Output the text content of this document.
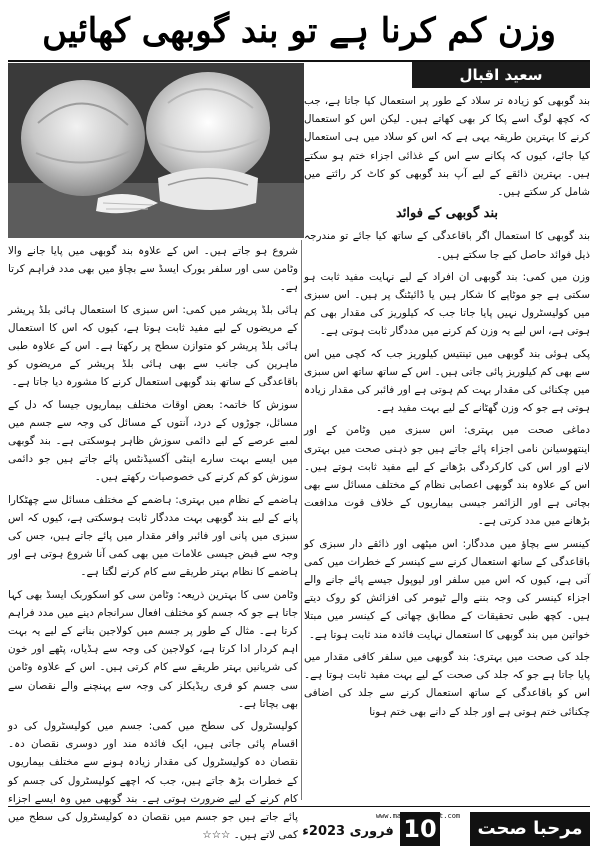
وزن کم کرنا ہے تو بند گوبھی کھائیں
سعید اقبال

بند گوبھی کو زیادہ تر سلاد کے طور پر استعمال کیا جاتا ہے، جب کہ کچھ لوگ اسے پکا کر بھی کھاتے ہیں۔ لیکن اس کو استعمال کرنے کا بہترین طریقہ یہی ہے کہ اس کو سلاد میں ہی استعمال کیا جائے، کیوں کہ پکانے سے اس کے غذائی اجزاء ختم ہو سکتے ہیں۔ بہترین ذائقے کے لیے آپ بند گوبھی کو کاٹ کر رائتے میں شامل کر سکتے ہیں۔

بند گوبھی کے فوائد

بند گوبھی کا استعمال اگر باقاعدگی کے ساتھ کیا جائے تو مندرجہ ذیل فوائد حاصل کیے جا سکتے ہیں۔

وزن میں کمی: بند گوبھی ان افراد کے لیے نہایت مفید ثابت ہو سکتی ہے جو موٹاپے کا شکار ہیں یا ڈائیٹنگ پر ہیں۔ اس سبزی میں کولیسٹرول نہیں پایا جاتا جب کہ کیلوریز کی مقدار بھی کم ہوتی ہے، اس لیے یہ وزن کم کرنے میں مددگار ثابت ہوتی ہے۔

پکی ہوئی بند گوبھی میں تینتیس کیلوریز جب کہ کچی میں اس سے بھی کم کیلوریز پائی جاتی ہیں۔ اس کے ساتھ ساتھ اس سبزی میں چکنائی کی مقدار بہت کم ہوتی ہے اور فائبر کی مقدار زیادہ ہوتی ہے جو کہ وزن گھٹانے کے لیے بہت مفید ہے۔

دماغی صحت میں بہتری: اس سبزی میں وٹامن کے اور اینتھوسیانن نامی اجزاء پائے جاتے ہیں جو ذہنی صحت میں بہتری لانے اور اس کی کارکردگی بڑھانے کے لیے مفید ثابت ہوتے ہیں۔ اس کے علاوہ بند گوبھی اعصابی نظام کے مختلف مسائل سے بھی بچاتی ہے اور الزائمر جیسی بیماریوں کے خلاف قوت مدافعت بڑھانے میں مدد کرتی ہے۔

کینسر سے بچاؤ میں مددگار: اس میٹھی اور ذائقے دار سبزی کو باقاعدگی کے ساتھ استعمال کرنے سے کینسر کے خطرات میں کمی آتی ہے، کیوں کہ اس میں سلفر اور لیوپول جیسے پائے جانے والے اجزاء کینسر کی وجہ بننے والے ٹیومر کی افزائش کو روک دیتے ہیں۔ کچھ طبی تحقیقات کے مطابق چھاتی کے کینسر میں مبتلا خواتین میں بند گوبھی کا استعمال نہایت فائدہ مند ثابت ہوتا ہے۔

جلد کی صحت میں بہتری: بند گوبھی میں سلفر کافی مقدار میں پایا جاتا ہے جو کہ جلد کی صحت کے لیے بہت مفید ثابت ہوتا ہے۔ اس کو باقاعدگی کے ساتھ استعمال کرنے سے جلد کی اضافی چکنائی ختم ہوتی ہے اور جلد کے دانے بھی ختم ہونا

شروع ہو جاتے ہیں۔ اس کے علاوہ بند گوبھی میں پایا جانے والا وٹامن سی اور سلفر یورک ایسڈ سے بچاؤ میں بھی مدد فراہم کرتا ہے۔

ہائی بلڈ پریشر میں کمی: اس سبزی کا استعمال ہائی بلڈ پریشر کے مریضوں کے لیے مفید ثابت ہوتا ہے، کیوں کہ اس کا استعمال ہائی بلڈ پریشر کو متوازن سطح پر رکھتا ہے۔ اس کے علاوہ طبی ماہرین کی جانب سے بھی ہائی بلڈ پریشر کے مریضوں کو باقاعدگی کے ساتھ بند گوبھی استعمال کرنے کا مشورہ دیا جاتا ہے۔

سوزش کا خاتمہ: بعض اوقات مختلف بیماریوں جیسا کہ دل کے مسائل، جوڑوں کے درد، آنتوں کے مسائل کی وجہ سے جسم میں لمبے عرصے کے لیے دائمی سوزش ظاہر ہوسکتی ہے۔ بند گوبھی میں ایسے بہت سارے اینٹی آکسیڈنٹس پائے جاتے ہیں جو دائمی سوزش کو کم کرنے کی خصوصیات رکھتے ہیں۔

ہاضمے کے نظام میں بہتری: ہاضمے کے مختلف مسائل سے چھٹکارا پانے کے لیے بند گوبھی بہت مددگار ثابت ہوسکتی ہے، کیوں کہ اس سبزی میں پانی اور فائبر وافر مقدار میں پائے جاتے ہیں، جس کی وجہ سے قبض جیسی علامات میں بھی کمی آنا شروع ہوتی ہے اور ہاضمے کا نظام بہتر طریقے سے کام کرنے لگتا ہے۔

وٹامن سی کا بہترین ذریعہ: وٹامن سی کو اسکوربک ایسڈ بھی کہا جاتا ہے جو کہ جسم کو مختلف افعال سرانجام دینے میں مدد فراہم کرتا ہے۔ مثال کے طور پر جسم میں کولاجین بنانے کے لیے یہ بہت اہم کردار ادا کرتا ہے، کولاجین کی وجہ سے ہڈیاں، پٹھے اور خون کی شریانیں بہتر طریقے سے کام کرتی ہیں۔ اس کے علاوہ وٹامن سی جسم کو فری ریڈیکلز کی وجہ سے پہنچنے والے نقصان سے بھی بچاتا ہے۔

کولیسٹرول کی سطح میں کمی: جسم میں کولیسٹرول کی دو اقسام پائی جاتی ہیں، ایک فائدہ مند اور دوسری نقصان دہ۔ نقصان دہ کولیسٹرول کی مقدار زیادہ ہونے سے مختلف بیماریوں کے خطرات بڑھ جاتے ہیں، جب کہ اچھے کولیسٹرول کی جسم کو کام کرنے کے لیے ضرورت ہوتی ہے۔ بند گوبھی میں وہ ایسے اجزاء پائے جاتے ہیں جو جسم میں نقصان دہ کولیسٹرول کی سطح میں کمی لاتے ہیں۔ ☆☆☆ فروری 2023ء 10
www.marhabasehat.com
مرحبا صحت
